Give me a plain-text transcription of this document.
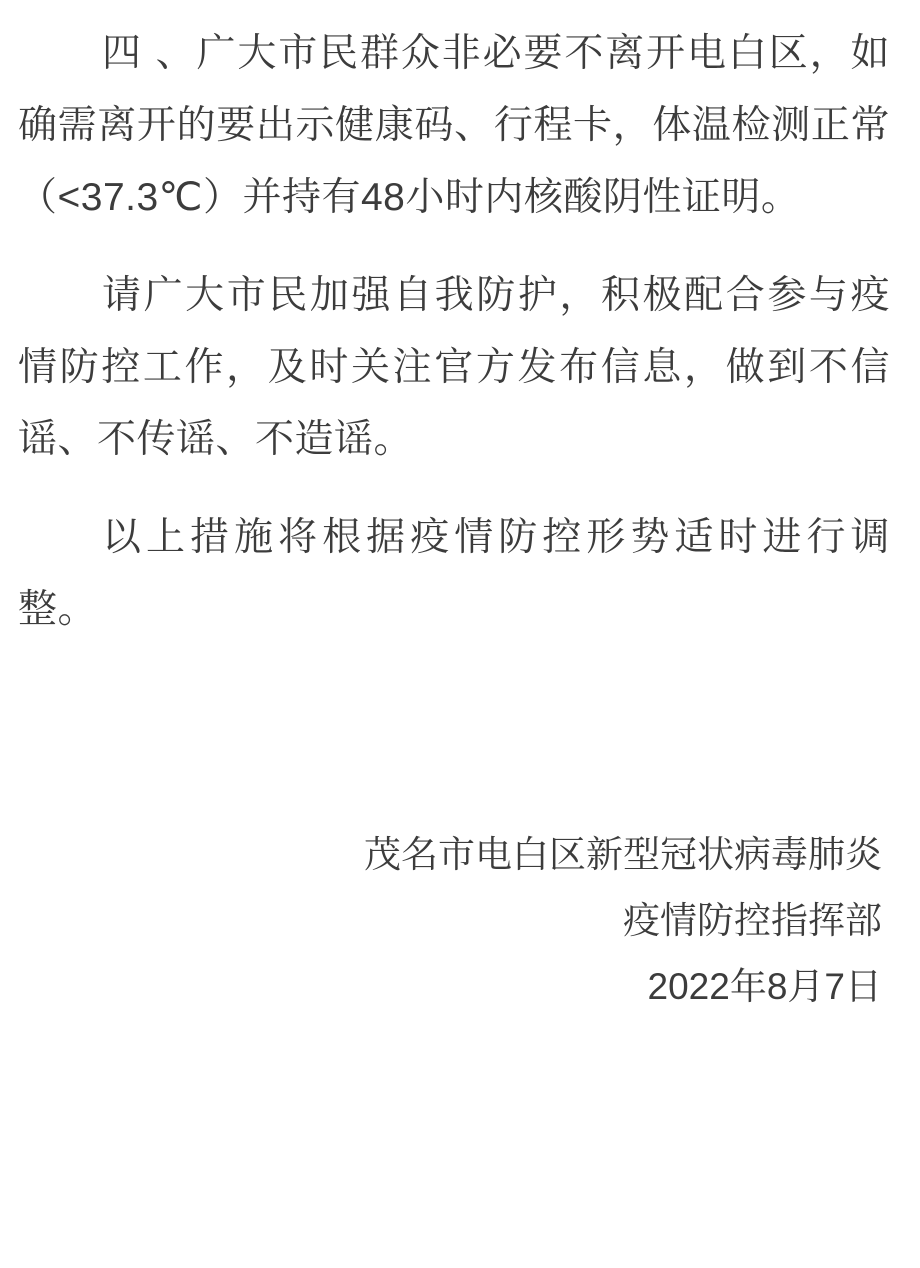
四 、广大市民群众非必要不离开电白区，如确需离开的要出示健康码、行程卡，体温检测正常（<37.3℃）并持有48小时内核酸阴性证明。

请广大市民加强自我防护，积极配合参与疫情防控工作，及时关注官方发布信息，做到不信谣、不传谣、不造谣。

以上措施将根据疫情防控形势适时进行调整。

茂名市电白区新型冠状病毒肺炎
疫情防控指挥部
2022年8月7日
